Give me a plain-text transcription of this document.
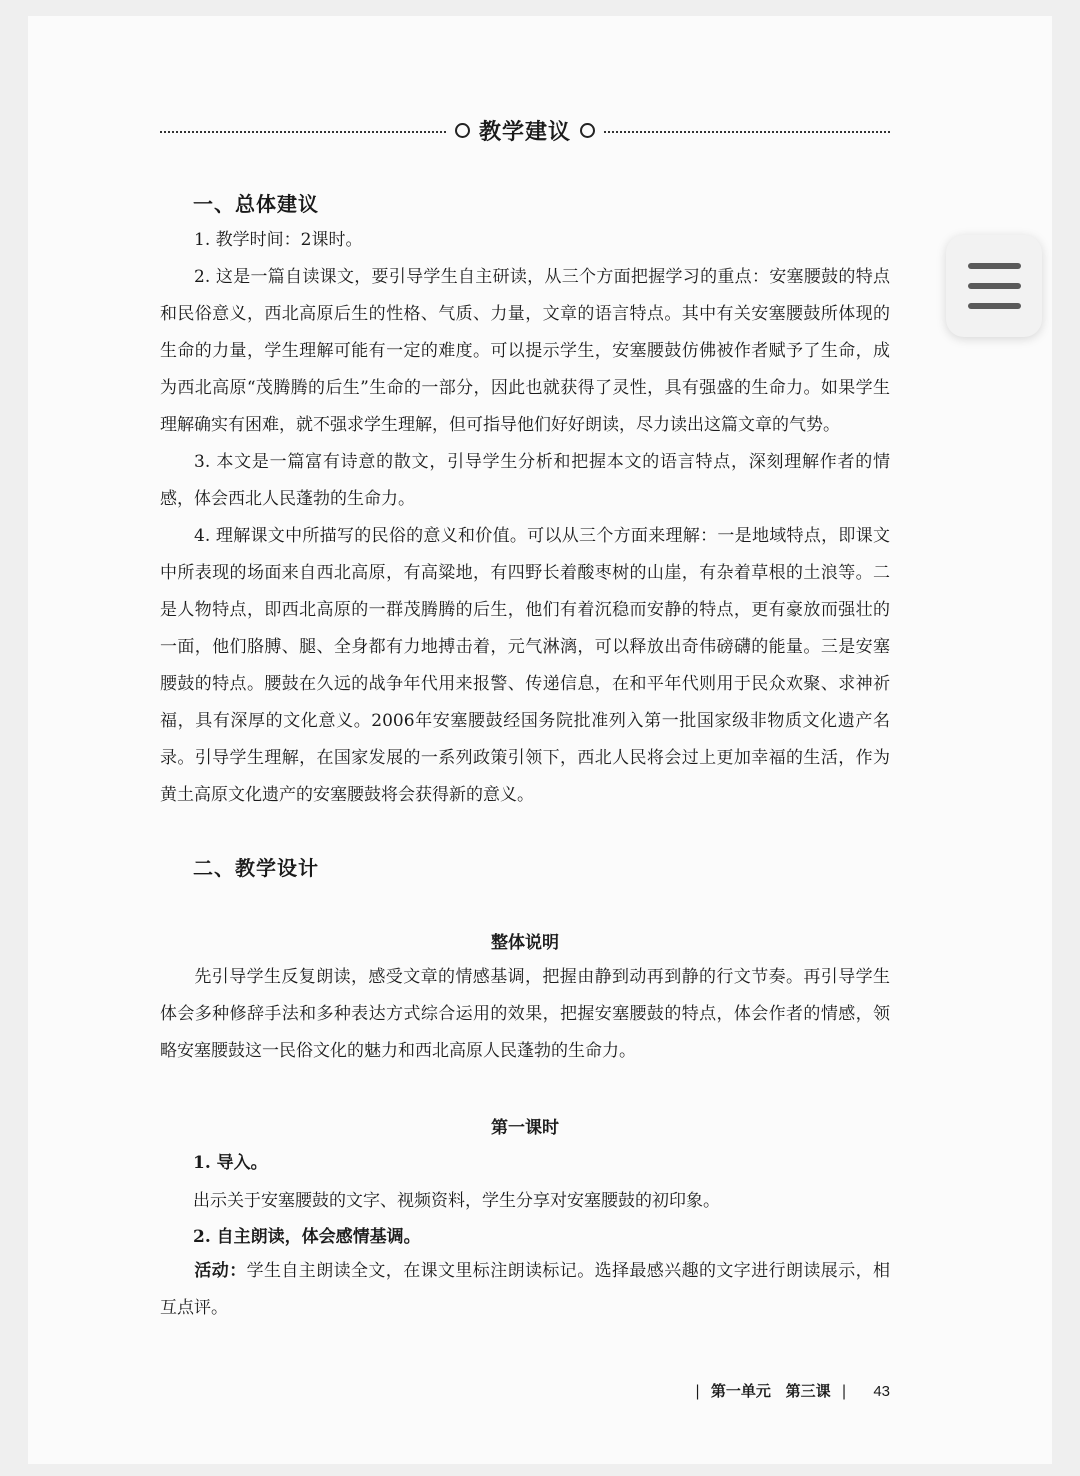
教学建议
一、总体建议

1. 教学时间：2课时。

2. 这是一篇自读课文，要引导学生自主研读，从三个方面把握学习的重点：安塞腰鼓的特点和民俗意义，西北高原后生的性格、气质、力量，文章的语言特点。其中有关安塞腰鼓所体现的生命的力量，学生理解可能有一定的难度。可以提示学生，安塞腰鼓仿佛被作者赋予了生命，成为西北高原“茂腾腾的后生”生命的一部分，因此也就获得了灵性，具有强盛的生命力。如果学生理解确实有困难，就不强求学生理解，但可指导他们好好朗读，尽力读出这篇文章的气势。

3. 本文是一篇富有诗意的散文，引导学生分析和把握本文的语言特点，深刻理解作者的情感，体会西北人民蓬勃的生命力。

4. 理解课文中所描写的民俗的意义和价值。可以从三个方面来理解：一是地域特点，即课文中所表现的场面来自西北高原，有高粱地，有四野长着酸枣树的山崖，有杂着草根的土浪等。二是人物特点，即西北高原的一群茂腾腾的后生，他们有着沉稳而安静的特点，更有豪放而强壮的一面，他们胳膊、腿、全身都有力地搏击着，元气淋漓，可以释放出奇伟磅礴的能量。三是安塞腰鼓的特点。腰鼓在久远的战争年代用来报警、传递信息，在和平年代则用于民众欢聚、求神祈福，具有深厚的文化意义。2006年安塞腰鼓经国务院批准列入第一批国家级非物质文化遗产名录。引导学生理解，在国家发展的一系列政策引领下，西北人民将会过上更加幸福的生活，作为黄土高原文化遗产的安塞腰鼓将会获得新的意义。

二、教学设计
整体说明

先引导学生反复朗读，感受文章的情感基调，把握由静到动再到静的行文节奏。再引导学生体会多种修辞手法和多种表达方式综合运用的效果，把握安塞腰鼓的特点，体会作者的情感，领略安塞腰鼓这一民俗文化的魅力和西北高原人民蓬勃的生命力。

第一课时
1. 导入。
出示关于安塞腰鼓的文字、视频资料，学生分享对安塞腰鼓的初印象。
2. 自主朗读，体会感情基调。

活动：学生自主朗读全文，在课文里标注朗读标记。选择最感兴趣的文字进行朗读展示，相互点评。

| 第一单元 第三课 | 43
